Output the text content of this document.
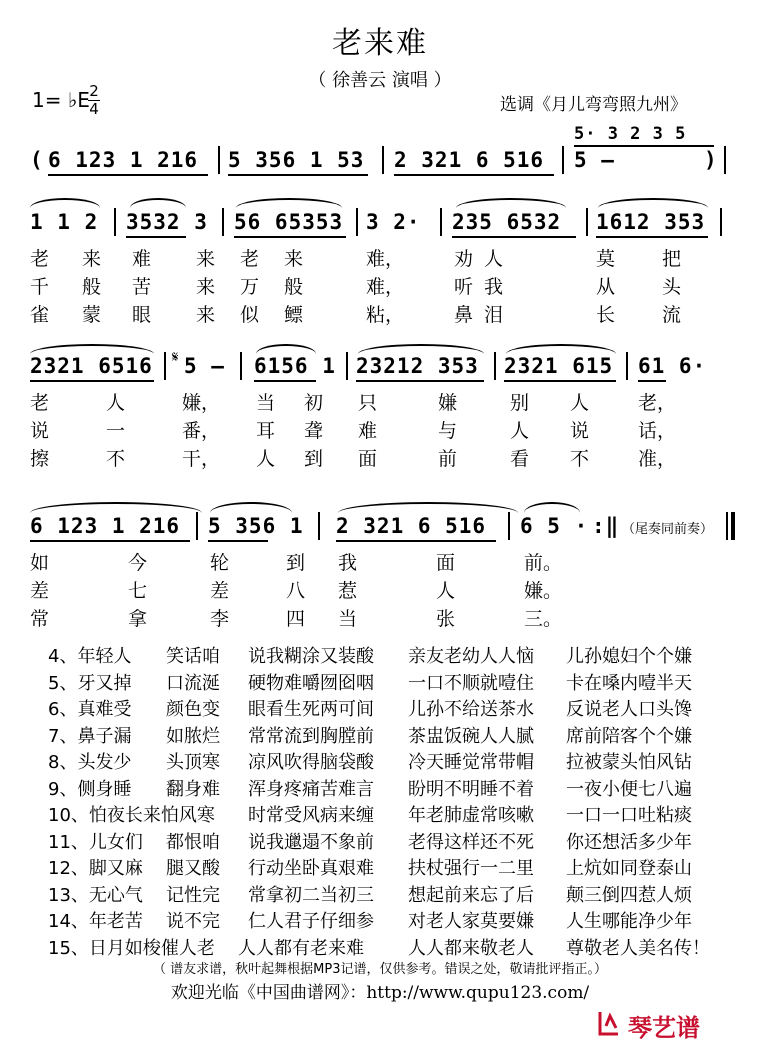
老来难
（ 徐善云 演唱 ）
1= ♭E 2
4	选调《月儿弯弯照九州》
( 6 123 1 216 5 356 1 53 2 321 6 516
5· 3 2 3 5
5 –	)
1 1 2 3532 3 56 65353 3 2· 235 6532 1612 353
老 来 难 来 老 来	难，	劝 人	莫 把
千 般 苦 来 万 般	难，	听 我	从 头
雀 蒙 眼 来 似 鳔	粘，	鼻 泪	长 流
2321 6516 𝄋 5 – 6156 1 23212 353 2321 615 61 6·
老	人	嫌， 当 初 只	嫌	别 人	老，
说	一	番， 耳 聋 难	与	人 说	话，
擦	不	干， 人 到 面	前	看 不	准，
6 123 1 216 5 356 1 2 321 6 516 6 5 · :‖ （尾奏同前奏）
如	今	轮	到 我	面	前。
差	七	差	八 惹	人	嫌。
常	拿	李	四 当	张	三。
4、年轻人 笑话咱 说我糊涂又装酸 亲友老幼人人恼 儿孙媳妇个个嫌
5、牙又掉 口流涎 硬物难嚼囫囵咽 一口不顺就噎住 卡在嗓内噎半天
6、真难受 颜色变 眼看生死两可间 儿孙不给送茶水 反说老人口头馋
7、鼻子漏 如脓烂 常常流到胸膛前 茶盅饭碗人人腻 席前陪客个个嫌
8、头发少 头顶寒 凉风吹得脑袋酸 冷天睡觉常带帽 拉被蒙头怕风钻
9、侧身睡 翻身难 浑身疼痛苦难言 盼明不明睡不着 一夜小便七八遍
10、怕夜长来怕风寒 时常受风病来缠 年老肺虚常咳嗽 一口一口吐粘痰
11、儿女们 都恨咱 说我邋遢不象前 老得这样还不死 你还想活多少年
12、脚又麻 腿又酸 行动坐卧真艰难 扶杖强行一二里 上炕如同登泰山
13、无心气 记性完 常拿初二当初三 想起前来忘了后 颠三倒四惹人烦
14、年老苦 说不完 仁人君子仔细参 对老人家莫要嫌 人生哪能净少年
15、日月如梭催人老 人人都有老来难 人人都来敬老人 尊敬老人美名传！
（ 谱友求谱，秋叶起舞根据MP3记谱，仅供参考。错误之处，敬请批评指正。）
欢迎光临《中国曲谱网》：http://www.qupu123.com/
琴艺谱
